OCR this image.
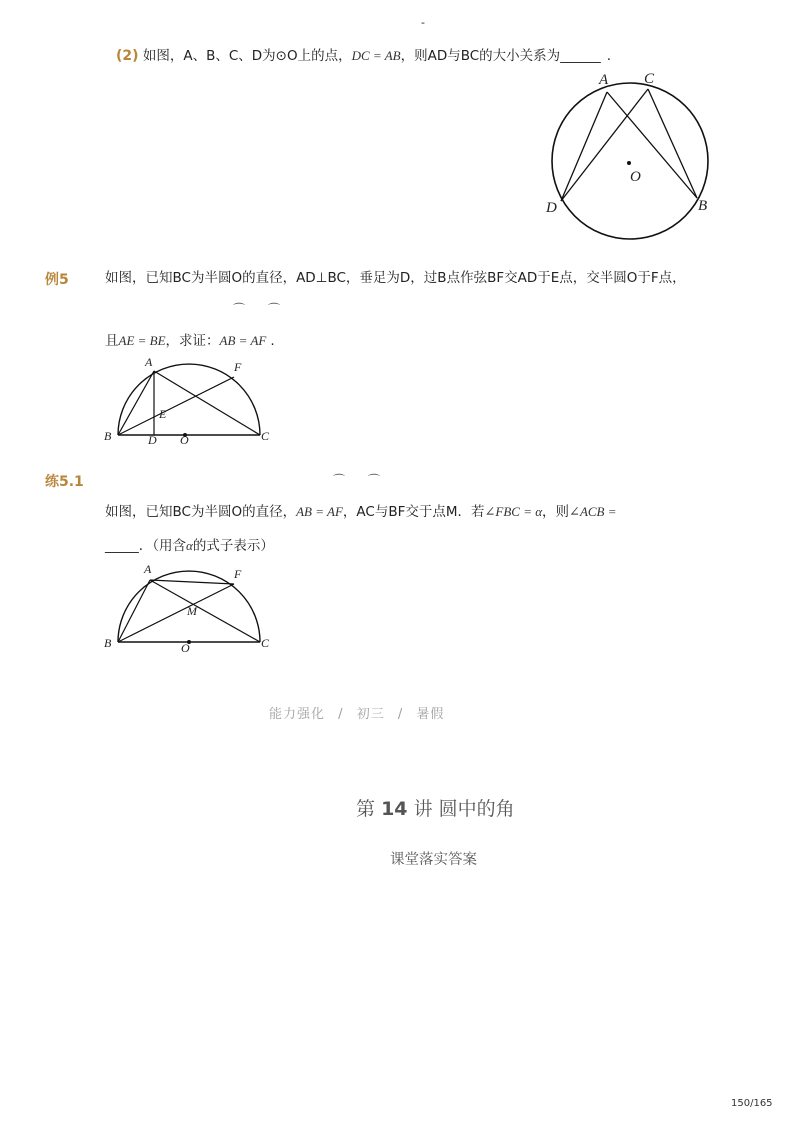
-
(2) 如图，A、B、C、D为⊙O上的点，DC = AB，则AD与BC的大小关系为______ .
A C
O
D	B
例5	如图，已知BC为半圆O的直径，AD⊥BC，垂足为D，过B点作弦BF交AD于E点，交半圆O于F点，
⌒ ⌒
且AE = BE，求证：AB = AF .
A	F
E
B	D O	C
练5.1	⌒ ⌒
如图，已知BC为半圆O的直径，AB = AF，AC与BF交于点M．若∠FBC = α，则∠ACB =
_____．（用含α的式子表示）
A	F
M
B	O	C
能力强化 / 初三 / 暑假
第 14 讲 圆中的角
课堂落实答案
150/165
